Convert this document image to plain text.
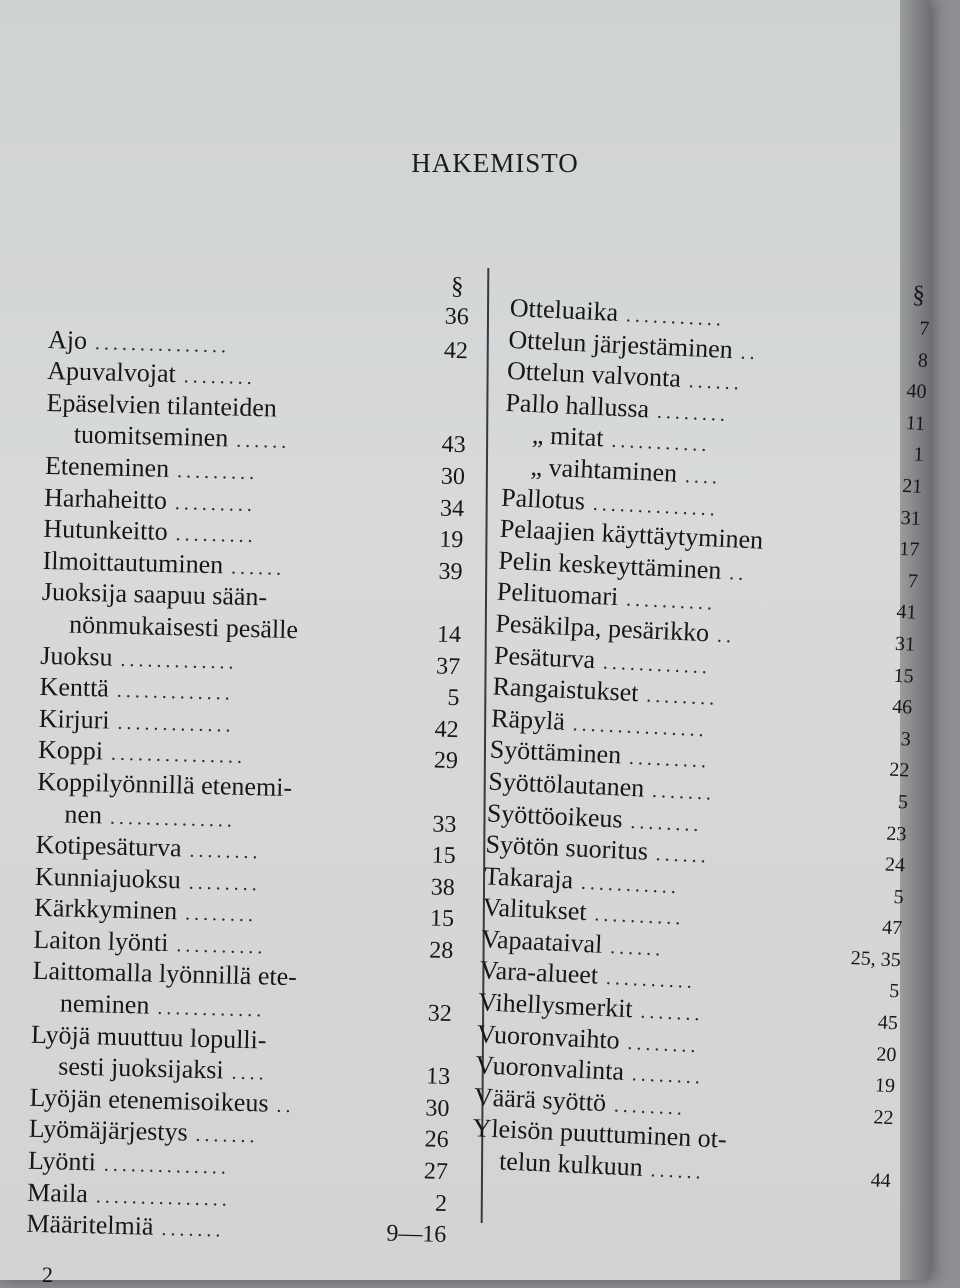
HAKEMISTO
§
36
Ajo ...............	42
Apuvalvojat ........
Epäselvien tilanteiden
tuomitseminen ......	43
Eteneminen .........	30
Harhaheitto .........	34
Hutunkeitto .........	19
Ilmoittautuminen ......	39
Juoksija saapuu sään-
nönmukaisesti pesälle	14
Juoksu .............	37
Kenttä .............	5
Kirjuri .............	42
Koppi ...............	29
Koppilyönnillä etenemi-
nen ..............	33
Kotipesäturva ........	15
Kunniajuoksu ........	38
Kärkkyminen ........	15
Laiton lyönti ..........	28
Laittomalla lyönnillä ete-
neminen ............	32
Lyöjä muuttuu lopulli-
sesti juoksijaksi ....	13
Lyöjän etenemisoikeus ..	30
Lyömäjärjestys .......	26
Lyönti ..............	27
Maila ...............	2
Määritelmiä .......	9—16
§
Otteluaika ...........	7
Ottelun järjestäminen ..	8
Ottelun valvonta ......	40
Pallo hallussa ........	11
„ mitat ...........	1
„ vaihtaminen ....	21
Pallotus ..............	31
Pelaajien käyttäytyminen	17
Pelin keskeyttäminen ..	7
Pelituomari ..........	41
Pesäkilpa, pesärikko ..	31
Pesäturva ............	15
Rangaistukset ........	46
Räpylä ...............	3
Syöttäminen .........	22
Syöttölautanen .......	5
Syöttöoikeus ........	23
Syötön suoritus ......	24
Takaraja ...........	5
Valitukset ..........	47
Vapaataival ......	25, 35
Vara-alueet ..........	5
Vihellysmerkit .......	45
Vuoronvaihto ........	20
Vuoronvalinta ........	19
Väärä syöttö ........	22
Yleisön puuttuminen ot-
telun kulkuun ......	44
2
